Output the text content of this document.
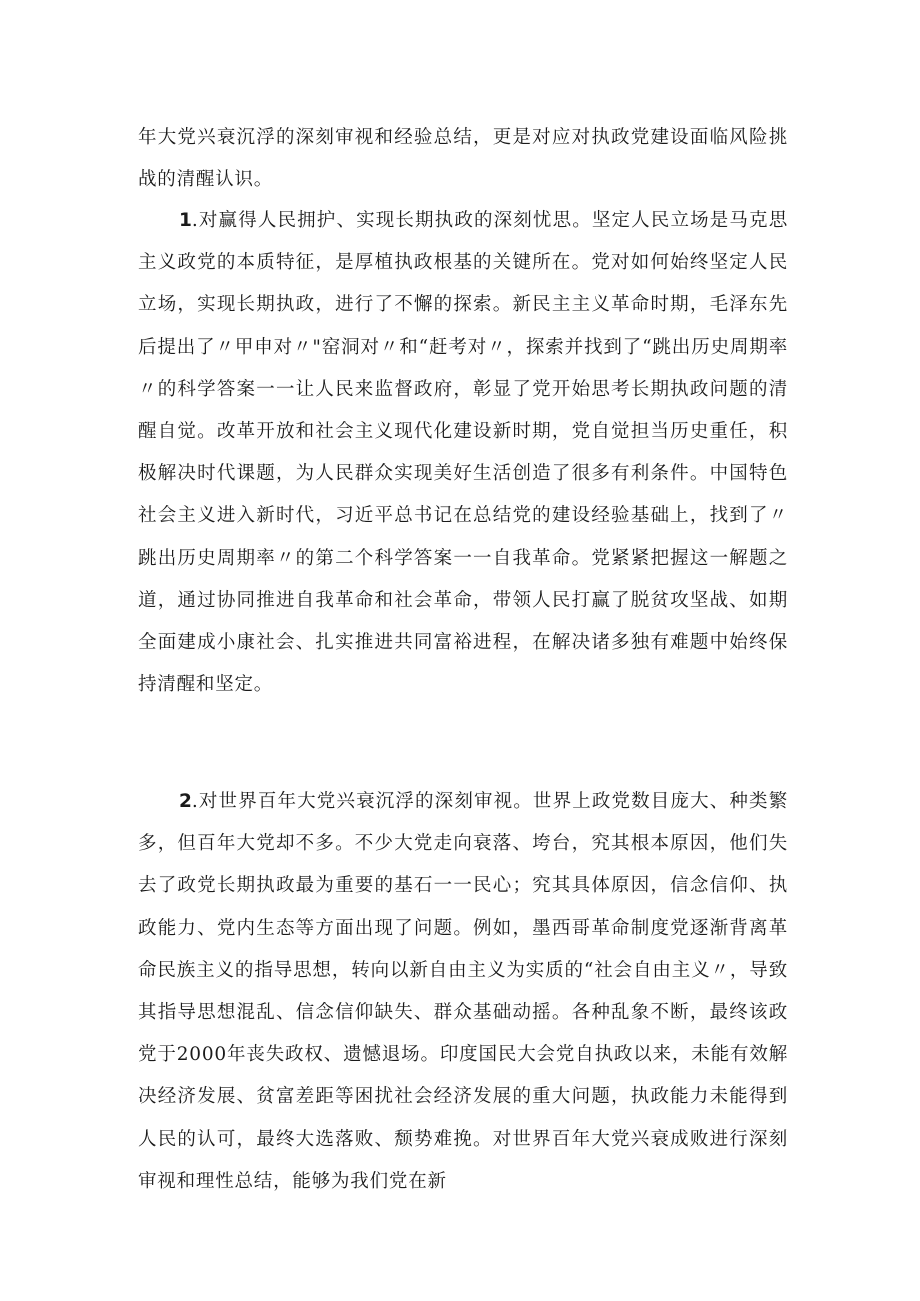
年大党兴衰沉浮的深刻审视和经验总结，更是对应对执政党建设面临风险挑战的清醒认识。

1.对赢得人民拥护、实现长期执政的深刻忧思。坚定人民立场是马克思主义政党的本质特征，是厚植执政根基的关键所在。党对如何始终坚定人民立场，实现长期执政，进行了不懈的探索。新民主主义革命时期，毛泽东先后提出了〃甲申对〃"窑洞对〃和“赶考对〃，探索并找到了“跳出历史周期率〃的科学答案一一让人民来监督政府，彰显了党开始思考长期执政问题的清醒自觉。改革开放和社会主义现代化建设新时期，党自觉担当历史重任，积极解决时代课题，为人民群众实现美好生活创造了很多有利条件。中国特色社会主义进入新时代，习近平总书记在总结党的建设经验基础上，找到了〃跳出历史周期率〃的第二个科学答案一一自我革命。党紧紧把握这一解题之道，通过协同推进自我革命和社会革命，带领人民打赢了脱贫攻坚战、如期全面建成小康社会、扎实推进共同富裕进程，在解决诸多独有难题中始终保持清醒和坚定。

2.对世界百年大党兴衰沉浮的深刻审视。世界上政党数目庞大、种类繁多，但百年大党却不多。不少大党走向衰落、垮台，究其根本原因，他们失去了政党长期执政最为重要的基石一一民心；究其具体原因，信念信仰、执政能力、党内生态等方面出现了问题。例如，墨西哥革命制度党逐渐背离革命民族主义的指导思想，转向以新自由主义为实质的“社会自由主义〃，导致其指导思想混乱、信念信仰缺失、群众基础动摇。各种乱象不断，最终该政党于2000年丧失政权、遗憾退场。印度国民大会党自执政以来，未能有效解决经济发展、贫富差距等困扰社会经济发展的重大问题，执政能力未能得到人民的认可，最终大选落败、颓势难挽。对世界百年大党兴衰成败进行深刻审视和理性总结，能够为我们党在新
